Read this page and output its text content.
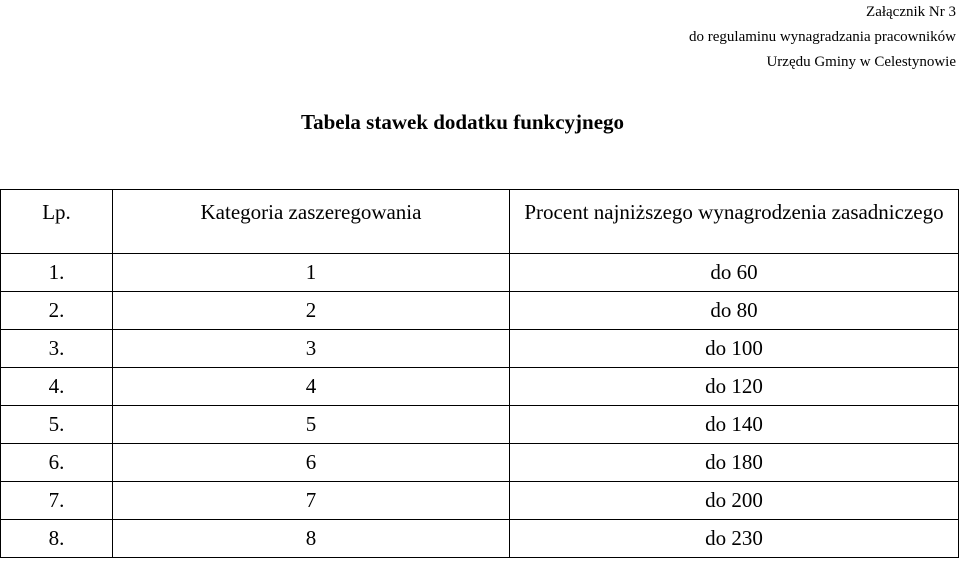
Załącznik Nr 3
do regulaminu wynagradzania pracowników
Urzędu Gminy w Celestynowie
Tabela stawek dodatku funkcyjnego
Lp.	Kategoria zaszeregowania	Procent najniższego wynagrodzenia zasadniczego
1.	1	do 60
2.	2	do 80
3.	3	do 100
4.	4	do 120
5.	5	do 140
6.	6	do 180
7.	7	do 200
8.	8	do 230
